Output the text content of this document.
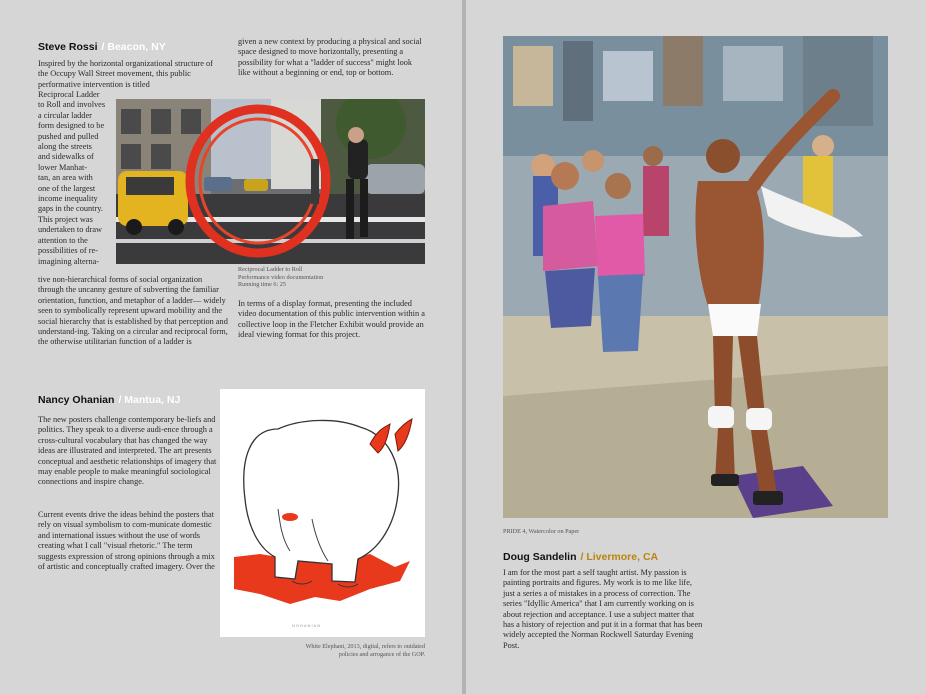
Steve Rossi / Beacon, NY

Inspired by the horizontal organizational structure of the Occupy Wall Street movement, this public performative intervention is titled

Reciprocal Ladder
to Roll and involves
a circular ladder
form designed to be
pushed and pulled
along the streets
and sidewalks of
lower Manhat-
tan, an area with
one of the largest
income inequality
gaps in the country.
This project was
undertaken to draw
attention to the
possibilities of re-
imagining alterna-

tive non-hierarchical forms of social organization through the uncanny gesture of subverting the familiar orientation, function, and metaphor of a ladder— widely seen to symbolically represent upward mobility and the social hierarchy that is established by that perception and understand-ing. Taking on a circular and reciprocal form, the otherwise utilitarian function of a ladder is

given a new context by producing a physical and social space designed to move horizontally, presenting a possibility for what a "ladder of success" might look like without a beginning or end, top or bottom.

Reciprocal Ladder to Roll

Performance video documentation

Running time 6: 25

In terms of a display format, presenting the included video documentation of this public intervention within a collective loop in the Fletcher Exhibit would provide an ideal viewing format for this project.

Nancy Ohanian / Mantua, NJ

The new posters challenge contemporary be-liefs and politics. They speak to a diverse audi-ence through a cross-cultural vocabulary that has changed the way ideas are illustrated and interpreted. The art presents conceptual and aesthetic relationships of imagery that may enable people to make meaningful sociological connections and inspire change.

Current events drive the ideas behind the posters that rely on visual symbolism to com-municate domestic and international issues without the use of words creating what I call "visual rhetoric." The term suggests expression of strong opinions through a mix of artistic and conceptually crafted imagery. Over the

NOHANIAN

White Elephant, 2013, digital, refers to outdated

policies and arrogance of the GOP.

PRIDE 4, Watercolor on Paper

Doug Sandelin / Livermore, CA

I am for the most part a self taught artist. My passion is painting portraits and figures. My work is to me like life, just a series a of mistakes in a process of correction. The series "Idyllic America" that I am currently working on is about rejection and acceptance. I use a subject matter that has a history of rejection and put it in a format that has been widely accepted the Norman Rockwell Saturday Evening Post.
